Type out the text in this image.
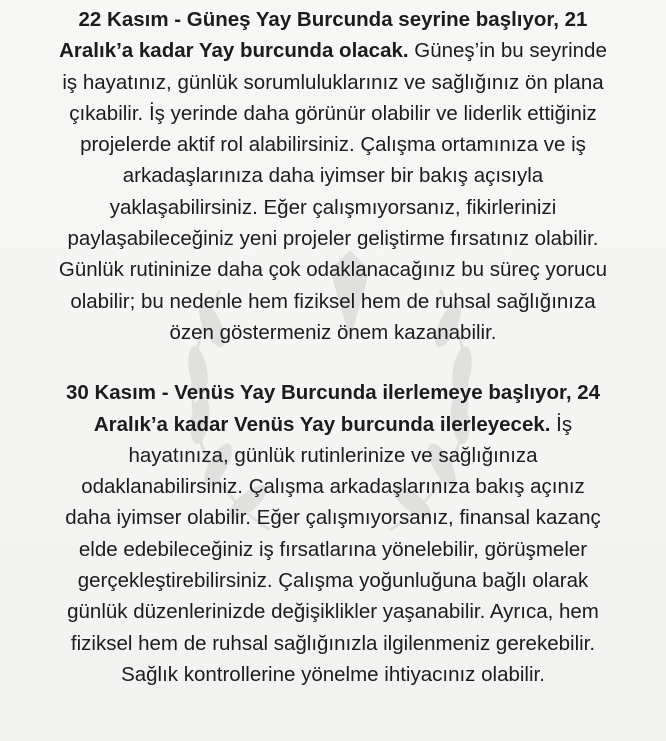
22 Kasım - Güneş Yay Burcunda seyrine başlıyor, 21
Aralık’a kadar Yay burcunda olacak. Güneş’in bu seyrinde
iş hayatınız, günlük sorumluluklarınız ve sağlığınız ön plana
çıkabilir. İş yerinde daha görünür olabilir ve liderlik ettiğiniz
projelerde aktif rol alabilirsiniz. Çalışma ortamınıza ve iş
arkadaşlarınıza daha iyimser bir bakış açısıyla
yaklaşabilirsiniz. Eğer çalışmıyorsanız, fikirlerinizi
paylaşabileceğiniz yeni projeler geliştirme fırsatınız olabilir.
Günlük rutininize daha çok odaklanacağınız bu süreç yorucu
olabilir; bu nedenle hem fiziksel hem de ruhsal sağlığınıza
özen göstermeniz önem kazanabilir.
30 Kasım - Venüs Yay Burcunda ilerlemeye başlıyor, 24
Aralık’a kadar Venüs Yay burcunda ilerleyecek. İş
hayatınıza, günlük rutinlerinize ve sağlığınıza
odaklanabilirsiniz. Çalışma arkadaşlarınıza bakış açınız
daha iyimser olabilir. Eğer çalışmıyorsanız, finansal kazanç
elde edebileceğiniz iş fırsatlarına yönelebilir, görüşmeler
gerçekleştirebilirsiniz. Çalışma yoğunluğuna bağlı olarak
günlük düzenlerinizde değişiklikler yaşanabilir. Ayrıca, hem
fiziksel hem de ruhsal sağlığınızla ilgilenmeniz gerekebilir.
Sağlık kontrollerine yönelme ihtiyacınız olabilir.
